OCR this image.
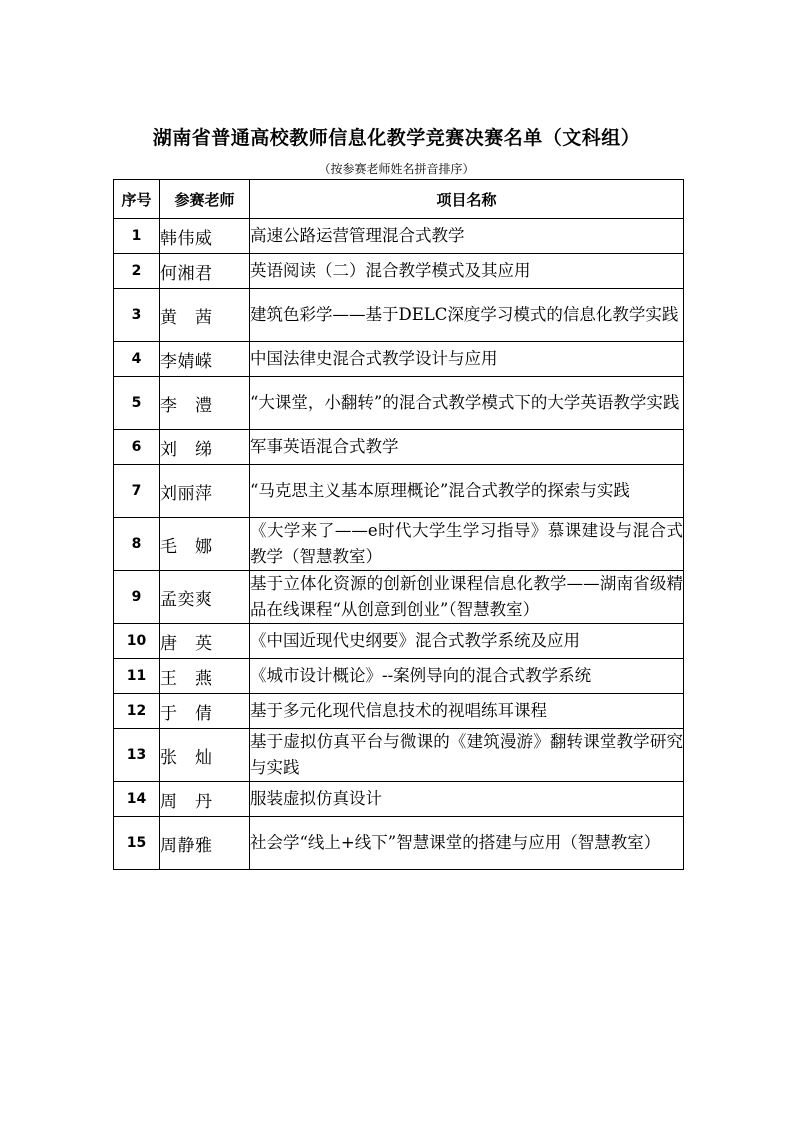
湖南省普通高校教师信息化教学竞赛决赛名单（文科组）
（按参赛老师姓名拼音排序）
序号	参赛老师	项目名称
1	韩伟威	高速公路运营管理混合式教学
2	何湘君	英语阅读（二）混合教学模式及其应用
3	黄　茜	建筑色彩学——基于DELC深度学习模式的信息化教学实践
4	李婧嵘	中国法律史混合式教学设计与应用
5	李　澧	“大课堂，小翻转”的混合式教学模式下的大学英语教学实践
6	刘　绨	军事英语混合式教学
7	刘丽萍	“马克思主义基本原理概论”混合式教学的探索与实践
8	毛　娜	《大学来了——e时代大学生学习指导》慕课建设与混合式教学（智慧教室）
9	孟奕爽	基于立体化资源的创新创业课程信息化教学——湖南省级精品在线课程“从创意到创业”（智慧教室）
10	唐　英	《中国近现代史纲要》混合式教学系统及应用
11	王　燕	《城市设计概论》--案例导向的混合式教学系统
12	于　倩	基于多元化现代信息技术的视唱练耳课程
13	张　灿	基于虚拟仿真平台与微课的《建筑漫游》翻转课堂教学研究与实践
14	周　丹	服装虚拟仿真设计
15	周静雅	社会学“线上+线下”智慧课堂的搭建与应用（智慧教室）
